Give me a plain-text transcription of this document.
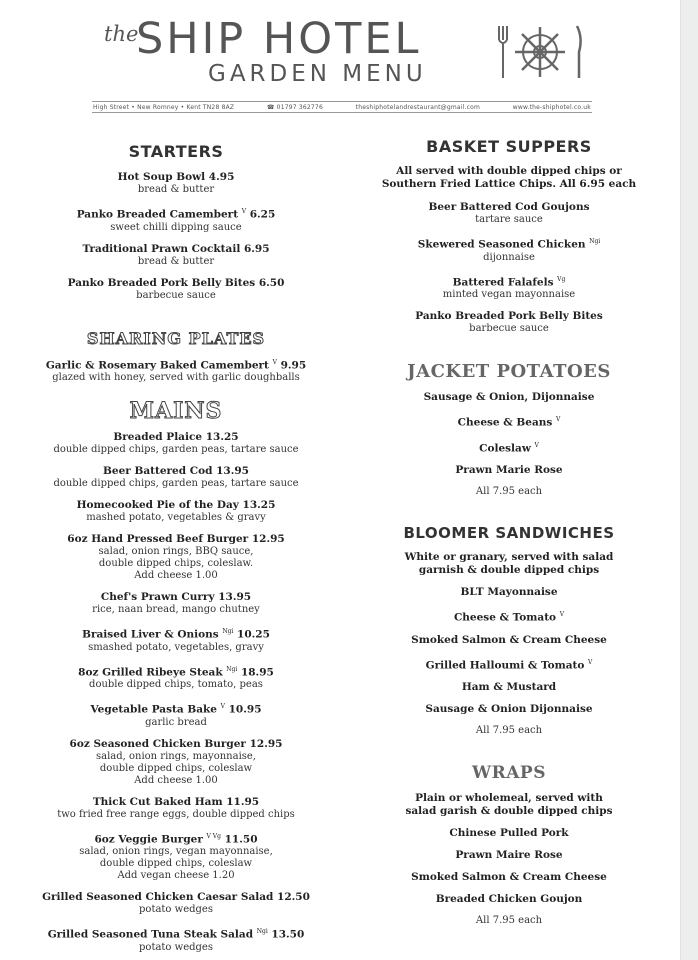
the
SHIP HOTEL
GARDEN MENU
High Street • New Romney • Kent TN28 8AZ	☎ 01797 362776	theshiphotelandrestaurant@gmail.com	www.the-shiphotel.co.uk
STARTERS
Hot Soup Bowl 4.95
bread & butter
Panko Breaded Camembert $^V$ 6.25
sweet chilli dipping sauce
Traditional Prawn Cocktail 6.95
bread & butter
Panko Breaded Pork Belly Bites 6.50
barbecue sauce
SHARING PLATES
Garlic & Rosemary Baked Camembert $^V$ 9.95
glazed with honey, served with garlic doughballs
MAINS
Breaded Plaice 13.25
double dipped chips, garden peas, tartare sauce
Beer Battered Cod 13.95
double dipped chips, garden peas, tartare sauce
Homecooked Pie of the Day 13.25
mashed potato, vegetables & gravy
6oz Hand Pressed Beef Burger 12.95
salad, onion rings, BBQ sauce,
double dipped chips, coleslaw.
Add cheese 1.00
Chef's Prawn Curry 13.95
rice, naan bread, mango chutney
Braised Liver & Onions $^{Ngi}$ 10.25
smashed potato, vegetables, gravy
8oz Grilled Ribeye Steak $^{Ngi}$ 18.95
double dipped chips, tomato, peas
Vegetable Pasta Bake $^V$ 10.95
garlic bread
6oz Seasoned Chicken Burger 12.95
salad, onion rings, mayonnaise,
double dipped chips, coleslaw
Add cheese 1.00
Thick Cut Baked Ham 11.95
two fried free range eggs, double dipped chips
6oz Veggie Burger $^{V Vg}$ 11.50
salad, onion rings, vegan mayonnaise,
double dipped chips, coleslaw
Add vegan cheese 1.20
Grilled Seasoned Chicken Caesar Salad 12.50
potato wedges
Grilled Seasoned Tuna Steak Salad $^{Ngi}$ 13.50
potato wedges
BASKET SUPPERS
All served with double dipped chips or
Southern Fried Lattice Chips. All 6.95 each
Beer Battered Cod Goujons
tartare sauce
Skewered Seasoned Chicken $^{Ngi}$
dijonnaise
Battered Falafels $^{Vg}$
minted vegan mayonnaise
Panko Breaded Pork Belly Bites
barbecue sauce
JACKET POTATOES
Sausage & Onion, Dijonnaise
Cheese & Beans $^V$
Coleslaw $^V$
Prawn Marie Rose
All 7.95 each
BLOOMER SANDWICHES
White or granary, served with salad
garnish & double dipped chips
BLT Mayonnaise
Cheese & Tomato $^V$
Smoked Salmon & Cream Cheese
Grilled Halloumi & Tomato $^V$
Ham & Mustard
Sausage & Onion Dijonnaise
All 7.95 each
WRAPS
Plain or wholemeal, served with
salad garish & double dipped chips
Chinese Pulled Pork
Prawn Maire Rose
Smoked Salmon & Cream Cheese
Breaded Chicken Goujon
All 7.95 each
